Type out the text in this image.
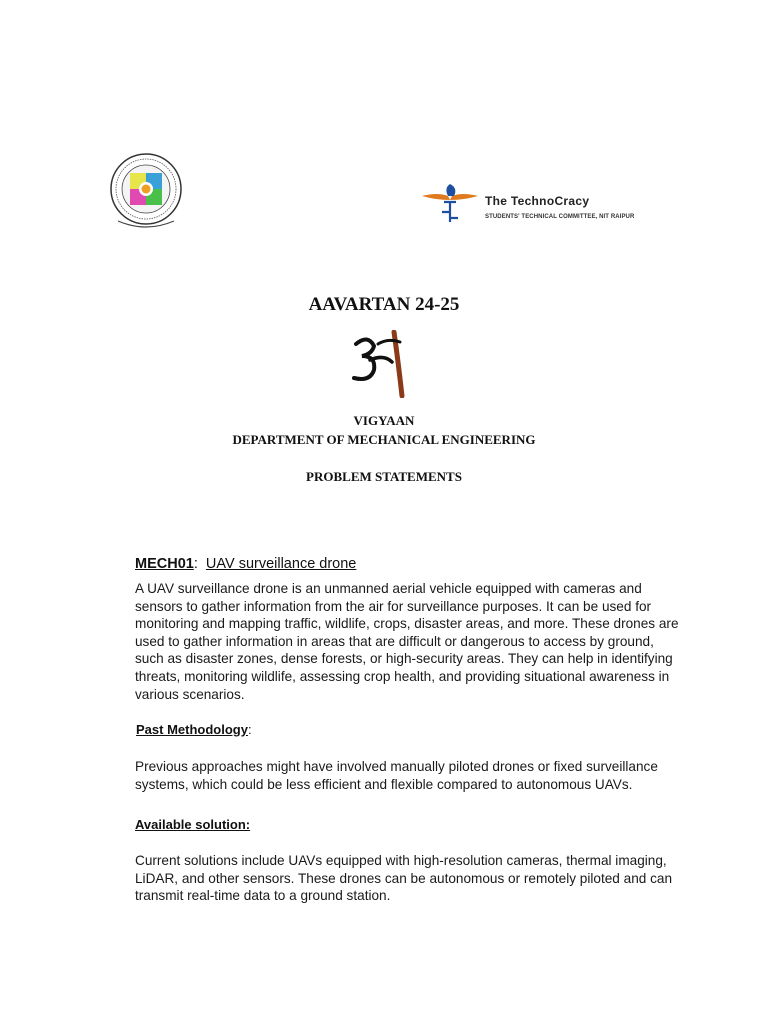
The TechnoCracy
STUDENTS' TECHNICAL COMMITTEE, NIT RAIPUR
AAVARTAN 24-25
VIGYAAN
DEPARTMENT OF MECHANICAL ENGINEERING
PROBLEM STATEMENTS
MECH01: UAV surveillance drone

A UAV surveillance drone is an unmanned aerial vehicle equipped with cameras and sensors to gather information from the air for surveillance purposes. It can be used for monitoring and mapping traffic, wildlife, crops, disaster areas, and more. These drones are used to gather information in areas that are difficult or dangerous to access by ground, such as disaster zones, dense forests, or high-security areas. They can help in identifying threats, monitoring wildlife, assessing crop health, and providing situational awareness in various scenarios.

Past Methodology:

Previous approaches might have involved manually piloted drones or fixed surveillance systems, which could be less efficient and flexible compared to autonomous UAVs.

Available solution:

Current solutions include UAVs equipped with high-resolution cameras, thermal imaging, LiDAR, and other sensors. These drones can be autonomous or remotely piloted and can transmit real-time data to a ground station.
